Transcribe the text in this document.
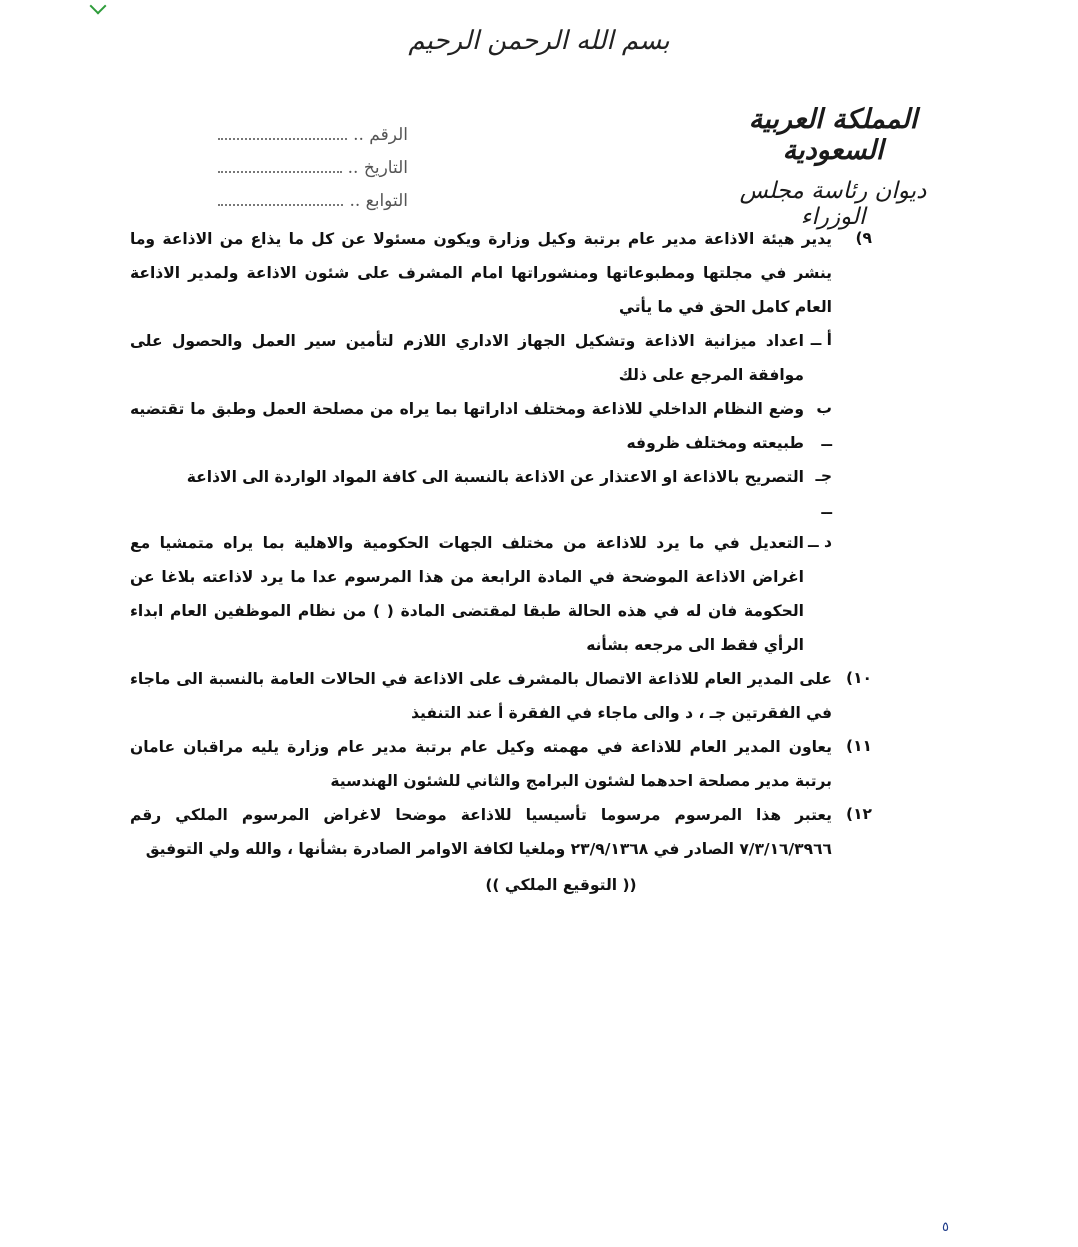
بسم الله الرحمن الرحيم
المملكة العربية السعودية
ديوان رئاسة مجلس الوزراء
الرقم ..
التاريخ ..
التوابع ..
٩)
يدير هيئة الاذاعة مدير عام برتبة وكيل وزارة ويكون مسئولا عن كل ما يذاع من الاذاعة وما ينشر في مجلتها ومطبوعاتها ومنشوراتها امام المشرف على شئون الاذاعة ولمدير الاذاعة العام كامل الحق في ما يأتي
أ ــ
اعداد ميزانية الاذاعة وتشكيل الجهاز الاداري اللازم لتأمين سير العمل والحصول على موافقة المرجع على ذلك
ب ــ
وضع النظام الداخلي للاذاعة ومختلف اداراتها بما يراه من مصلحة العمل وطبق ما تقتضيه طبيعته ومختلف ظروفه
جـ ــ
التصريح بالاذاعة او الاعتذار عن الاذاعة بالنسبة الى كافة المواد الواردة الى الاذاعة
د ــ
التعديل في ما يرد للاذاعة من مختلف الجهات الحكومية والاهلية بما يراه متمشيا مع اغراض الاذاعة الموضحة في المادة الرابعة من هذا المرسوم عدا ما يرد لاذاعته بلاغا عن الحكومة فان له في هذه الحالة طبقا لمقتضى المادة ( ) من نظام الموظفين العام ابداء الرأي فقط الى مرجعه بشأنه
١٠)
على المدير العام للاذاعة الاتصال بالمشرف على الاذاعة في الحالات العامة بالنسبة الى ماجاء في الفقرتين جـ ، د والى ماجاء في الفقرة أ عند التنفيذ
١١)
يعاون المدير العام للاذاعة في مهمته وكيل عام برتبة مدير عام وزارة يليه مراقبان عامان برتبة مدير مصلحة احدهما لشئون البرامج والثاني للشئون الهندسية
١٢)
يعتبر هذا المرسوم مرسوما تأسيسيا للاذاعة موضحا لاغراض المرسوم الملكي رقم ٧/٣/١٦/٣٩٦٦ الصادر في ٢٣/٩/١٣٦٨ وملغيا لكافة الاوامر الصادرة بشأنها ، والله ولي التوفيق
(( التوقيع الملكي ))
٥
